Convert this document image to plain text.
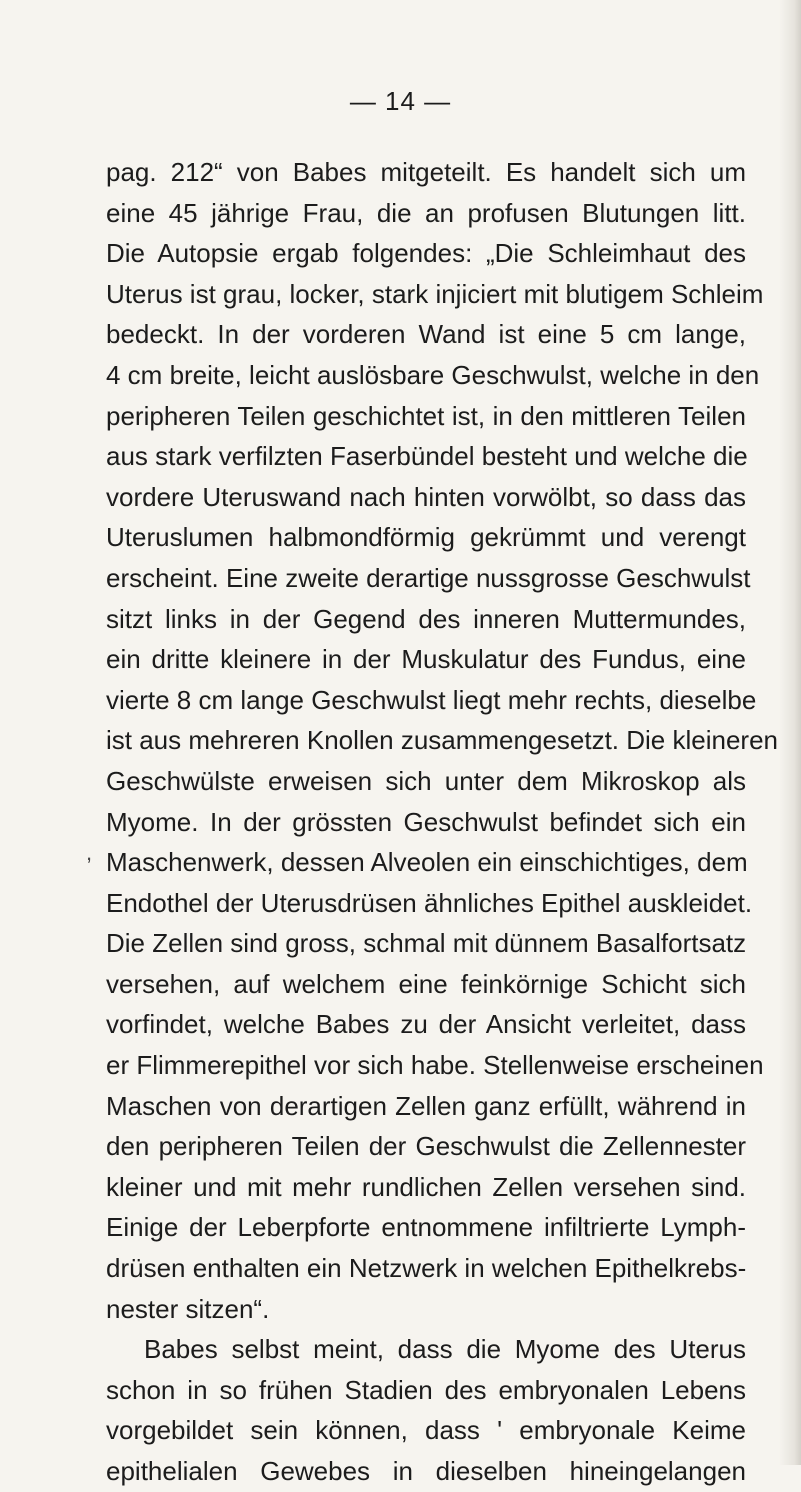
— 14 —
,
pag. 212“ von Babes mitgeteilt. Es handelt sich um
eine 45 jährige Frau, die an profusen Blutungen litt.
Die Autopsie ergab folgendes: „Die Schleimhaut des
Uterus ist grau, locker, stark injiciert mit blutigem Schleim
bedeckt. In der vorderen Wand ist eine 5 cm lange,
4 cm breite, leicht auslösbare Geschwulst, welche in den
peripheren Teilen geschichtet ist, in den mittleren Teilen
aus stark verfilzten Faserbündel besteht und welche die
vordere Uteruswand nach hinten vorwölbt, so dass das
Uteruslumen halbmondförmig gekrümmt und verengt
erscheint. Eine zweite derartige nussgrosse Geschwulst
sitzt links in der Gegend des inneren Muttermundes,
ein dritte kleinere in der Muskulatur des Fundus, eine
vierte 8 cm lange Geschwulst liegt mehr rechts, dieselbe
ist aus mehreren Knollen zusammengesetzt. Die kleineren
Geschwülste erweisen sich unter dem Mikroskop als
Myome. In der grössten Geschwulst befindet sich ein
Maschenwerk, dessen Alveolen ein einschichtiges, dem
Endothel der Uterusdrüsen ähnliches Epithel auskleidet.
Die Zellen sind gross, schmal mit dünnem Basalfortsatz
versehen, auf welchem eine feinkörnige Schicht sich
vorfindet, welche Babes zu der Ansicht verleitet, dass
er Flimmerepithel vor sich habe. Stellenweise erscheinen
Maschen von derartigen Zellen ganz erfüllt, während in
den peripheren Teilen der Geschwulst die Zellennester
kleiner und mit mehr rundlichen Zellen versehen sind.
Einige der Leberpforte entnommene infiltrierte Lymph-
drüsen enthalten ein Netzwerk in welchen Epithelkrebs-
nester sitzen“.
Babes selbst meint, dass die Myome des Uterus
schon in so frühen Stadien des embryonalen Lebens
vorgebildet sein können, dass ' embryonale Keime
epithelialen Gewebes in dieselben hineingelangen
